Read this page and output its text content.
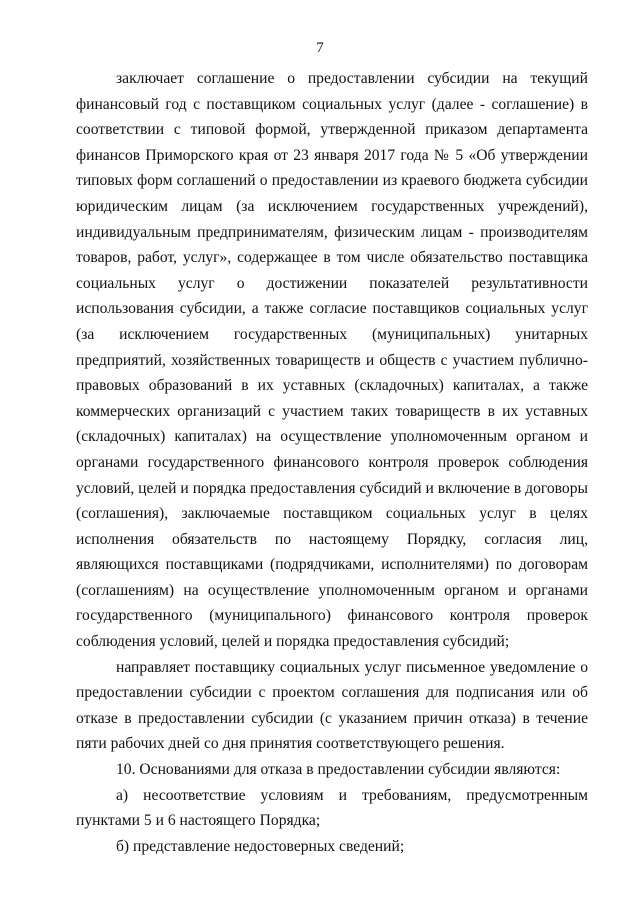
7

заключает соглашение о предоставлении субсидии на текущий финансовый год с поставщиком социальных услуг (далее - соглашение) в соответствии с типовой формой, утвержденной приказом департамента финансов Приморского края от 23 января 2017 года № 5 «Об утверждении типовых форм соглашений о предоставлении из краевого бюджета субсидии юридическим лицам (за исключением государственных учреждений), индивидуальным предпринимателям, физическим лицам - производителям товаров, работ, услуг», содержащее в том числе обязательство поставщика социальных услуг о достижении показателей результативности использования субсидии, а также согласие поставщиков социальных услуг (за исключением государственных (муниципальных) унитарных предприятий, хозяйственных товариществ и обществ с участием публично-правовых образований в их уставных (складочных) капиталах, а также коммерческих организаций с участием таких товариществ в их уставных (складочных) капиталах) на осуществление уполномоченным органом и органами государственного финансового контроля проверок соблюдения условий, целей и порядка предоставления субсидий и включение в договоры (соглашения), заключаемые поставщиком социальных услуг в целях исполнения обязательств по настоящему Порядку, согласия лиц, являющихся поставщиками (подрядчиками, исполнителями) по договорам (соглашениям) на осуществление уполномоченным органом и органами государственного (муниципального) финансового контроля проверок соблюдения условий, целей и порядка предоставления субсидий;

направляет поставщику социальных услуг письменное уведомление о предоставлении субсидии с проектом соглашения для подписания или об отказе в предоставлении субсидии (с указанием причин отказа) в течение пяти рабочих дней со дня принятия соответствующего решения.

10. Основаниями для отказа в предоставлении субсидии являются:

а) несоответствие условиям и требованиям, предусмотренным пунктами 5 и 6 настоящего Порядка;

б) представление недостоверных сведений;
